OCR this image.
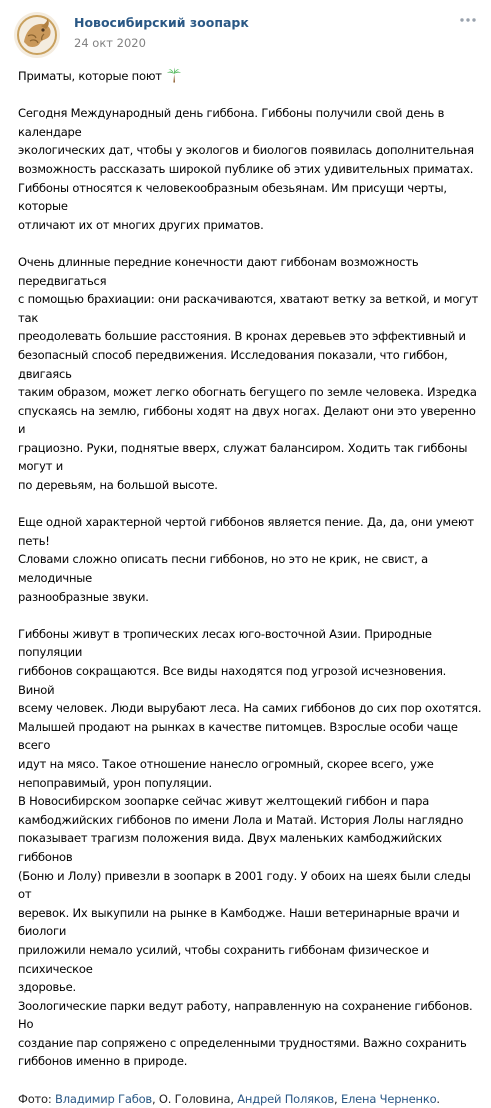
Новосибирский зоопарк
24 окт 2020

Приматы, которые поют

Сегодня Международный день гиббона. Гиббоны получили свой день в календаре
экологических дат, чтобы у экологов и биологов появилась дополнительная
возможность рассказать широкой публике об этих удивительных приматах.
Гиббоны относятся к человекообразным обезьянам. Им присущи черты, которые
отличают их от многих других приматов.

Очень длинные передние конечности дают гиббонам возможность передвигаться
с помощью брахиации: они раскачиваются, хватают ветку за веткой, и могут так
преодолевать большие расстояния. В кронах деревьев это эффективный и
безопасный способ передвижения. Исследования показали, что гиббон, двигаясь
таким образом, может легко обогнать бегущего по земле человека. Изредка
спускаясь на землю, гиббоны ходят на двух ногах. Делают они это уверенно и
грациозно. Руки, поднятые вверх, служат балансиром. Ходить так гиббоны могут и
по деревьям, на большой высоте.

Еще одной характерной чертой гиббонов является пение. Да, да, они умеют петь!
Словами сложно описать песни гиббонов, но это не крик, не свист, а мелодичные
разнообразные звуки.

Гиббоны живут в тропических лесах юго-восточной Азии. Природные популяции
гиббонов сокращаются. Все виды находятся под угрозой исчезновения. Виной
всему человек. Люди вырубают леса. На самих гиббонов до сих пор охотятся.
Малышей продают на рынках в качестве питомцев. Взрослые особи чаще всего
идут на мясо. Такое отношение нанесло огромный, скорее всего, уже
непоправимый, урон популяции.

В Новосибирском зоопарке сейчас живут желтощекий гиббон и пара
камбоджийских гиббонов по имени Лола и Матай. История Лолы наглядно
показывает трагизм положения вида. Двух маленьких камбоджийских гиббонов
(Боню и Лолу) привезли в зоопарк в 2001 году. У обоих на шеях были следы от
веревок. Их выкупили на рынке в Камбодже. Наши ветеринарные врачи и биологи
приложили немало усилий, чтобы сохранить гиббонам физическое и психическое
здоровье.

Зоологические парки ведут работу, направленную на сохранение гиббонов. Но
создание пар сопряжено с определенными трудностями. Важно сохранить
гиббонов именно в природе.

Фото: Владимир Габов, О. Головина, Андрей Поляков, Елена Черненко.
